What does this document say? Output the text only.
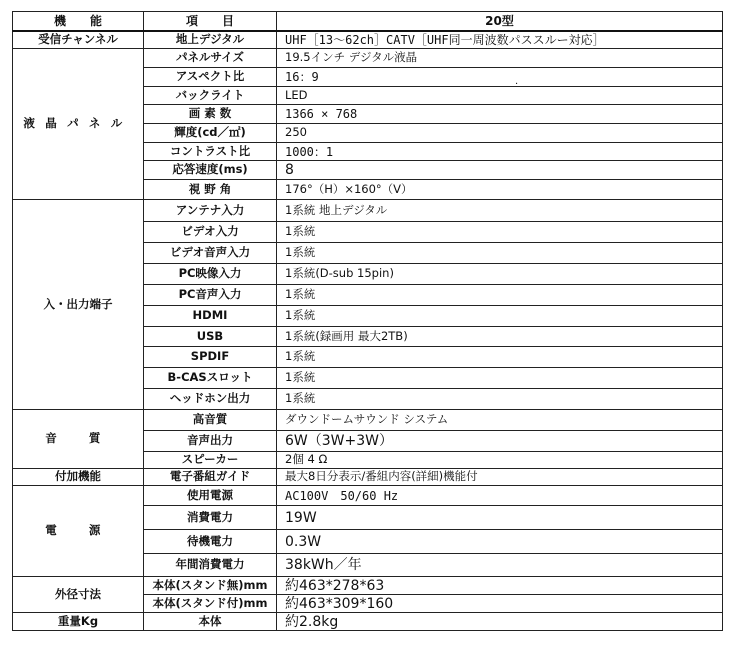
機　　能	項　　目	20型
受信チャンネル	地上デジタル	UHF［13〜62ch］CATV［UHF同一周波数パススルー対応］
液晶パネル	パネルサイズ	19.5インチ デジタル液晶
	アスペクト比	16：9
	バックライト	LED
	画 素 数	1366 × 768
	輝度(cd／㎡)	250
	コントラスト比	1000：1
	応答速度(ms)	8
	視 野 角	176°（H）×160°（V）
入・出力端子	アンテナ入力	1系統 地上デジタル
	ビデオ入力	1系統
	ビデオ音声入力	1系統
	PC映像入力	1系統(D-sub 15pin)
	PC音声入力	1系統
	HDMI	1系統
	USB	1系統(録画用 最大2TB)
	SPDIF	1系統
	B-CASスロット	1系統
	ヘッドホン出力	1系統
音　質	高音質	ダウンドームサウンド システム
	音声出力	6W（3W+3W）
	スピーカー	2個 4 Ω
付加機能	電子番組ガイド	最大8日分表示/番組内容(詳細)機能付
電　源	使用電源	AC100V　50/60 Hz
	消費電力	19W
	待機電力	0.3W
	年間消費電力	38kWh／年
外径寸法	本体(スタンド無)mm	約463*278*63
	本体(スタンド付)mm	約463*309*160
重量Kg	本体	約2.8kg
.
